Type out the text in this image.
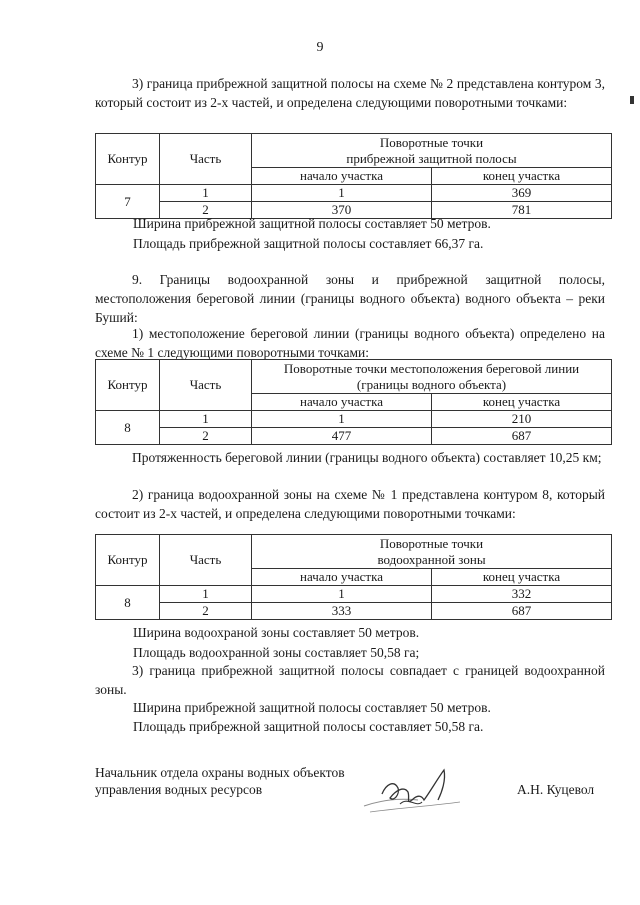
9

3) граница прибрежной защитной полосы на схеме № 2 представлена контуром 3, который состоит из 2-х частей, и определена следующими поворотными точками:

Контур	Часть	Поворотные точки
прибрежной защитной полосы	

		начало участка	конец участка
7	1	1	369
	2	370	781

Ширина прибрежной защитной полосы составляет 50 метров.

Площадь прибрежной защитной полосы составляет 66,37 га.

9. Границы водоохранной зоны и прибрежной защитной полосы, местоположения береговой линии (границы водного объекта) водного объекта – реки Буший:

1) местоположение береговой линии (границы водного объекта) определено на схеме № 1 следующими поворотными точками:

Контур	Часть	Поворотные точки местоположения береговой линии
(границы водного объекта)	

		начало участка	конец участка
8	1	1	210
	2	477	687

Протяженность береговой линии (границы водного объекта) составляет 10,25 км;

2) граница водоохранной зоны на схеме № 1 представлена контуром 8, который состоит из 2-х частей, и определена следующими поворотными точками:

Контур	Часть	Поворотные точки
водоохранной зоны	

		начало участка	конец участка
8	1	1	332
	2	333	687

Ширина водоохраной зоны составляет 50 метров.

Площадь водоохранной зоны составляет 50,58 га;

3) граница прибрежной защитной полосы совпадает с границей водоохранной зоны.

Ширина прибрежной защитной полосы составляет 50 метров.

Площадь прибрежной защитной полосы составляет 50,58 га.

Начальник отдела охраны водных объектов

управления водных ресурсов	А.Н. Куцевол
